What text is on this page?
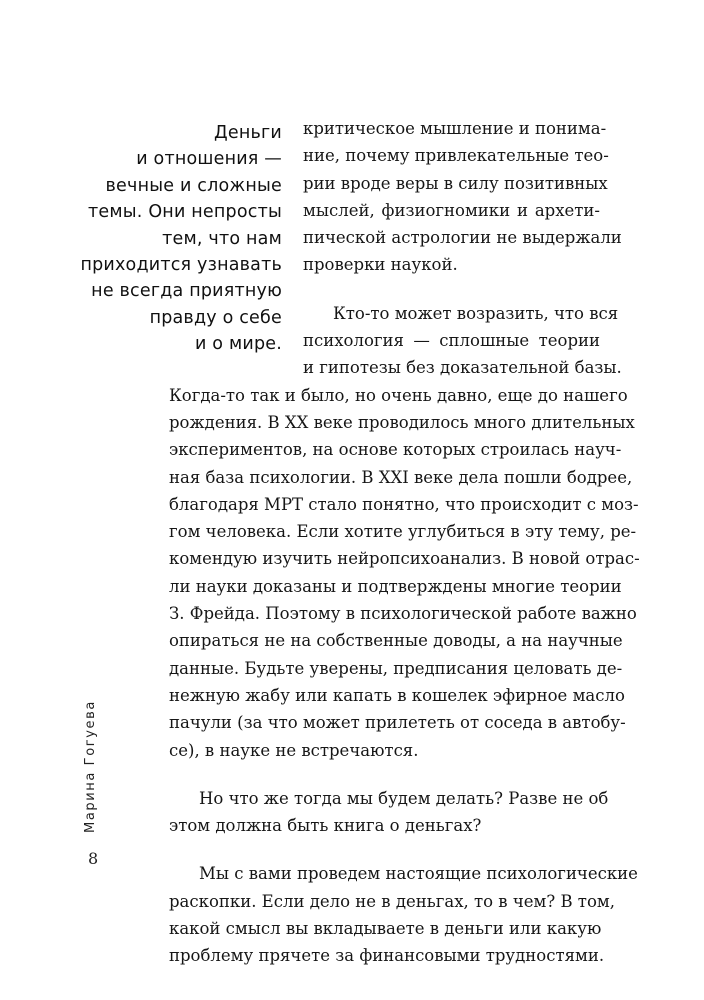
Деньги
и отношения —
вечные и сложные
темы. Они непросты
тем, что нам
приходится узнавать
не всегда приятную
правду о себе
и о мире.
критическое мышление и понима-
ние, почему привлекательные тео-
рии вроде веры в силу позитивных
мыслей, физиогномики и архети-
пической астрологии не выдержали
проверки наукой.
Кто-то может возразить, что вся
психология — сплошные теории
и гипотезы без доказательной базы.
Когда-то так и было, но очень давно, еще до нашего
рождения. В XX веке проводилось много длительных
экспериментов, на основе которых строилась науч-
ная база психологии. В XXI веке дела пошли бодрее,
благодаря МРТ стало понятно, что происходит с моз-
гом человека. Если хотите углубиться в эту тему, ре-
комендую изучить нейропсихоанализ. В новой отрас-
ли науки доказаны и подтверждены многие теории
З. Фрейда. Поэтому в психологической работе важно
опираться не на собственные доводы, а на научные
данные. Будьте уверены, предписания целовать де-
нежную жабу или капать в кошелек эфирное масло
пачули (за что может прилететь от соседа в автобу-
се), в науке не встречаются.
Но что же тогда мы будем делать? Разве не об
этом должна быть книга о деньгах?
Мы с вами проведем настоящие психологические
раскопки. Если дело не в деньгах, то в чем? В том,
какой смысл вы вкладываете в деньги или какую
проблему прячете за финансовыми трудностями.
Марина Гогуева
8
